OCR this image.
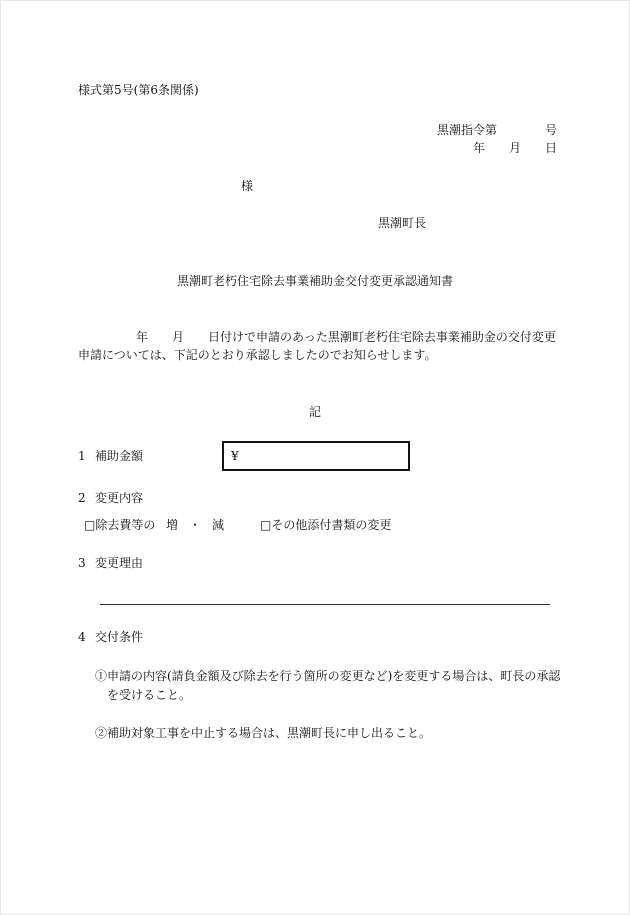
様式第5号(第6条関係)
黒潮指令第　　　　号
年　　月　　日
様
黒潮町長
黒潮町老朽住宅除去事業補助金交付変更承認通知書
年　　月　　日付けで申請のあった黒潮町老朽住宅除去事業補助金の交付変更
申請については、下記のとおり承認しましたのでお知らせします。
記
1 補助金額	¥
2 変更内容
□除去費等の 増 ・ 減	□その他添付書類の変更
3 変更理由
4 交付条件
①申請の内容(請負金額及び除去を行う箇所の変更など)を変更する場合は、町長の承認
を受けること。
②補助対象工事を中止する場合は、黒潮町長に申し出ること。
